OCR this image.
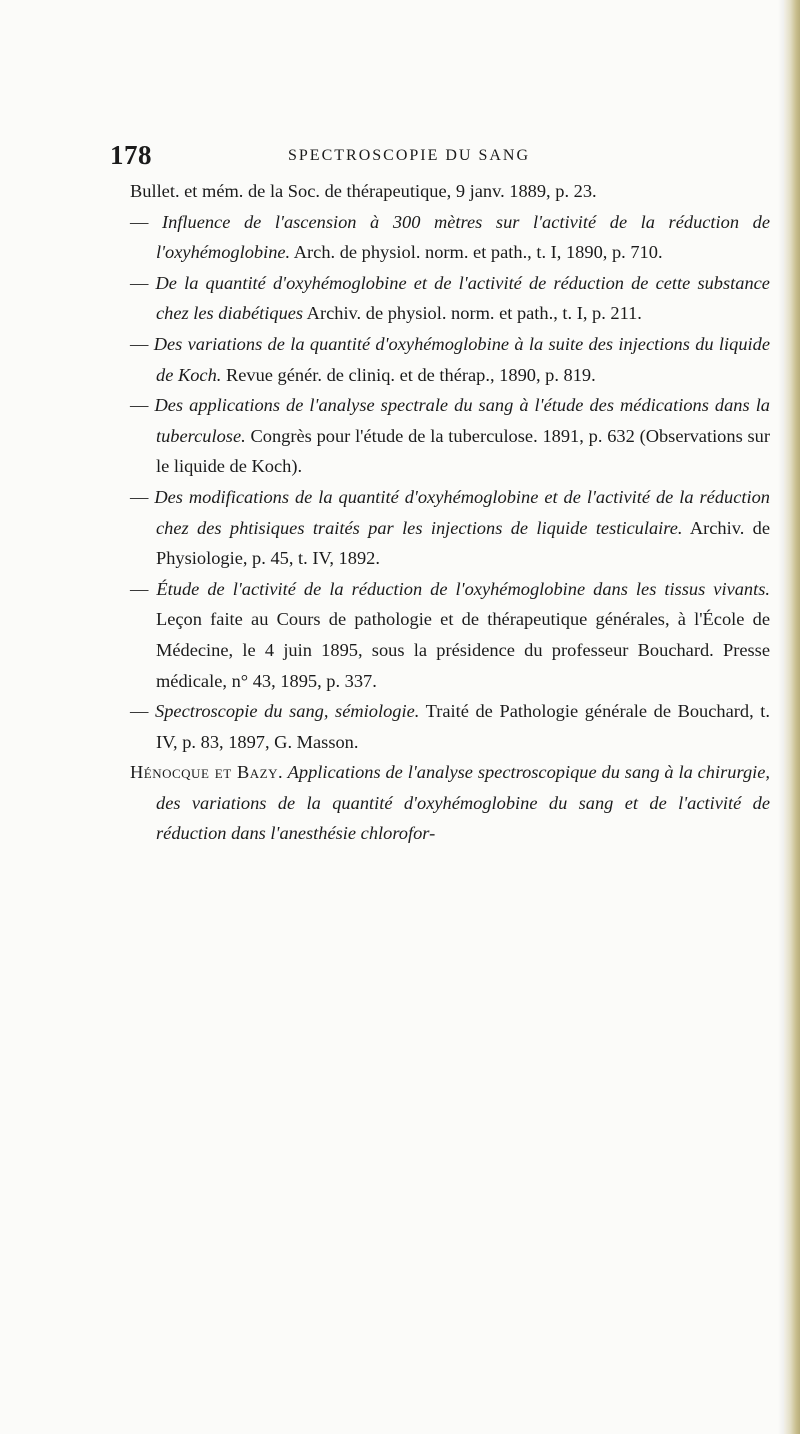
178	SPECTROSCOPIE DU SANG

Bullet. et mém. de la Soc. de thérapeutique, 9 janv. 1889, p. 23.

— Influence de l'ascension à 300 mètres sur l'activité de la réduction de l'oxyhémoglobine. Arch. de physiol. norm. et path., t. I, 1890, p. 710.

— De la quantité d'oxyhémoglobine et de l'activité de réduction de cette substance chez les diabétiques Archiv. de physiol. norm. et path., t. I, p. 211.

— Des variations de la quantité d'oxyhémoglobine à la suite des injections du liquide de Koch. Revue génér. de cliniq. et de thérap., 1890, p. 819.

— Des applications de l'analyse spectrale du sang à l'étude des médications dans la tuberculose. Congrès pour l'étude de la tuberculose. 1891, p. 632 (Observations sur le liquide de Koch).

— Des modifications de la quantité d'oxyhémoglobine et de l'activité de la réduction chez des phtisiques traités par les injections de liquide testiculaire. Archiv. de Physiologie, p. 45, t. IV, 1892.

— Étude de l'activité de la réduction de l'oxyhémoglobine dans les tissus vivants. Leçon faite au Cours de pathologie et de thérapeutique générales, à l'École de Médecine, le 4 juin 1895, sous la présidence du professeur Bouchard. Presse médicale, n° 43, 1895, p. 337.

— Spectroscopie du sang, sémiologie. Traité de Pathologie générale de Bouchard, t. IV, p. 83, 1897, G. Masson.

Hénocque et Bazy. Applications de l'analyse spectroscopique du sang à la chirurgie, des variations de la quantité d'oxyhémoglobine du sang et de l'activité de réduction dans l'anesthésie chlorofor-
